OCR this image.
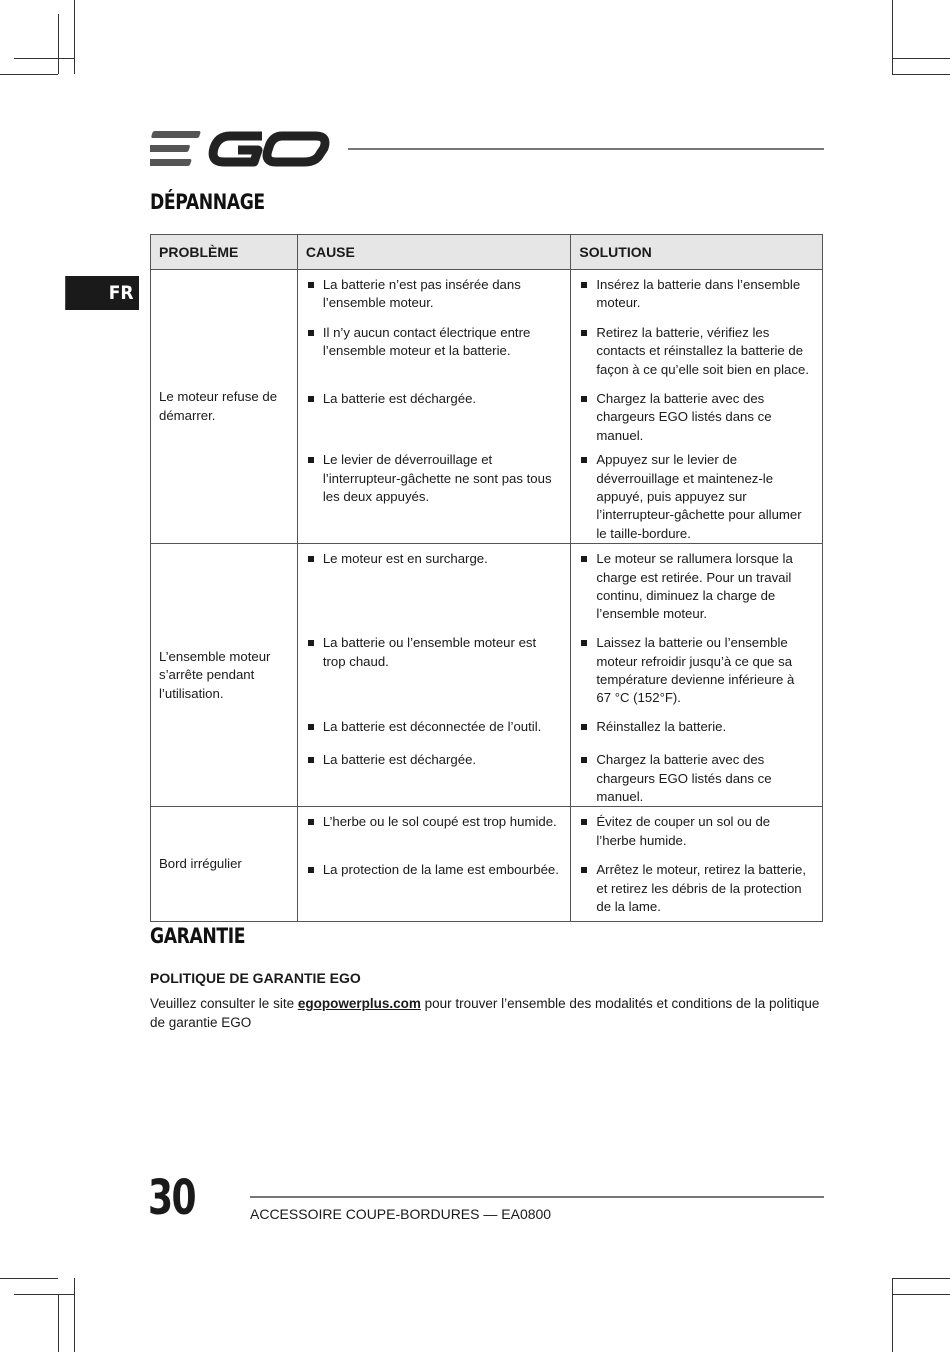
FR
DÉPANNAGE
PROBLÈME	CAUSE	SOLUTION
Le moteur refuse de démarrer.	La batterie n’est pas insérée dans l’ensemble moteur.	Insérez la batterie dans l’ensemble moteur.

	Il n’y aucun contact électrique entre l’ensemble moteur et la batterie.	Retirez la batterie, vérifiez les contacts et réinstallez la batterie de façon à ce qu’elle soit bien en place.

	La batterie est déchargée.	Chargez la batterie avec des chargeurs EGO listés dans ce manuel.

	Le levier de déverrouillage et l’interrupteur-gâchette ne sont pas tous les deux appuyés.	Appuyez sur le levier de déverrouillage et maintenez-le appuyé, puis appuyez sur l’interrupteur-gâchette pour allumer le taille-bordure.

L’ensemble moteur s’arrête pendant l’utilisation.	Le moteur est en surcharge.	Le moteur se rallumera lorsque la charge est retirée. Pour un travail continu, diminuez la charge de l’ensemble moteur.

	La batterie ou l’ensemble moteur est trop chaud.	Laissez la batterie ou l’ensemble moteur refroidir jusqu’à ce que sa température devienne inférieure à 67 °C (152°F).

	La batterie est déconnectée de l’outil.	Réinstallez la batterie.

	La batterie est déchargée.	Chargez la batterie avec des chargeurs EGO listés dans ce manuel.

Bord irrégulier	L’herbe ou le sol coupé est trop humide.	Évitez de couper un sol ou de l’herbe humide.

	La protection de la lame est embourbée.	Arrêtez le moteur, retirez la batterie, et retirez les débris de la protection de la lame.
GARANTIE
POLITIQUE DE GARANTIE EGO
Veuillez consulter le site egopowerplus.com pour trouver l’ensemble des modalités et conditions de la politique de garantie EGO
30	ACCESSOIRE COUPE-BORDURES — EA0800
